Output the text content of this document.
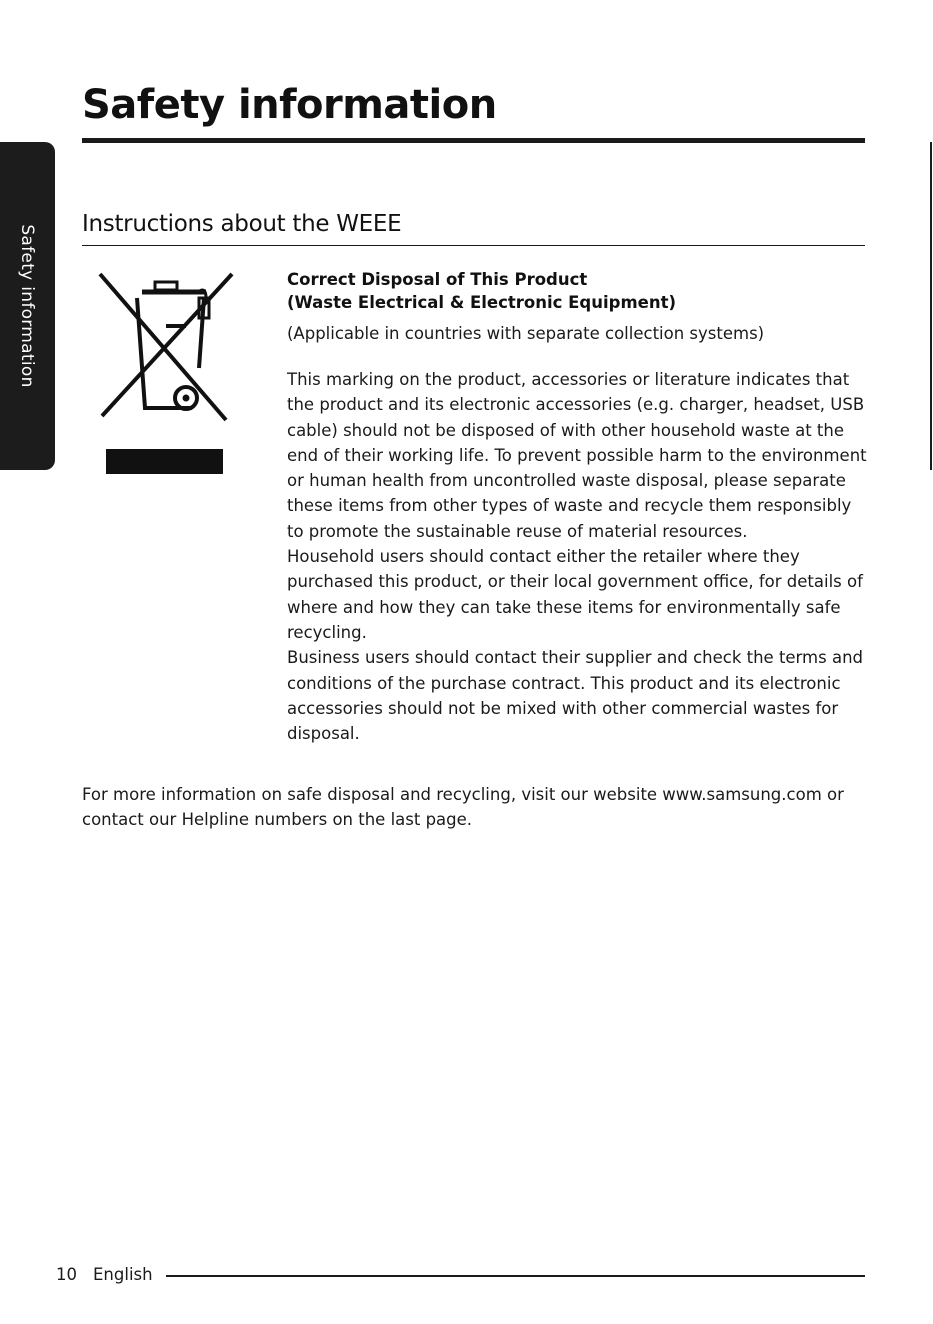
Safety information
Safety information
Instructions about the WEEE
Correct Disposal of This Product
(Waste Electrical & Electronic Equipment)

(Applicable in countries with separate collection systems)

This marking on the product, accessories or literature indicates that the product and its electronic accessories (e.g. charger, headset, USB cable) should not be disposed of with other household waste at the end of their working life. To prevent possible harm to the environment or human health from uncontrolled waste disposal, please separate these items from other types of waste and recycle them responsibly to promote the sustainable reuse of material resources.

Household users should contact either the retailer where they purchased this product, or their local government office, for details of where and how they can take these items for environmentally safe recycling.

Business users should contact their supplier and check the terms and conditions of the purchase contract. This product and its electronic accessories should not be mixed with other commercial wastes for disposal.

For more information on safe disposal and recycling, visit our website www.samsung.com or contact our Helpline numbers on the last page.

10 English
